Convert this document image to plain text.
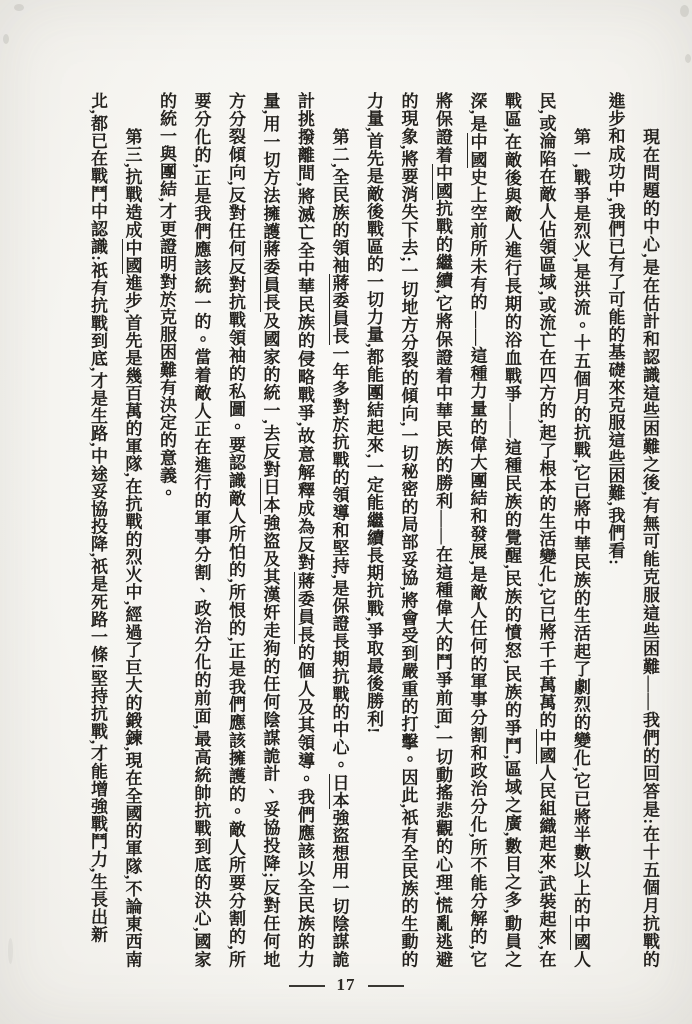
現在問題的中心,是在估計和認識這些困難之後,有無可能克服這些困難——我們的回答是:在十五個月抗戰的進步和成功中,我們已有了可能的基礎來克服這些困難,我們看:

第一,戰爭是烈火,是洪流。十五個月的抗戰,它已將中華民族的生活起了劇烈的變化,它已將半數以上的中國人民,或淪陷在敵人佔領區域,或流亡在四方的,起了根本的生活變化,它已將千千萬萬的中國人民組織起來,武裝起來,在戰區,在敵後與敵人進行長期的浴血戰爭——這種民族的覺醒,民族的憤怒,民族的爭鬥,區域之廣,數目之多,動員之深,是中國史上空前所未有的——這種力量的偉大團結和發展,是敵人任何的軍事分割和政治分化,所不能分解的,它將保證着中國抗戰的繼續,它將保證着中華民族的勝利——在這種偉大的鬥爭前面,一切動搖悲觀的心理,慌亂逃避的現象,將要消失下去;一切地方分裂的傾向,一切秘密的局部妥協,將會受到嚴重的打擊。因此,祇有全民族的生動的力量,首先是敵後戰區的一切力量,都能團結起來,一定能繼續長期抗戰,爭取最後勝利!

第二,全民族的領袖蔣委員長一年多對於抗戰的領導和堅持,是保證長期抗戰的中心。日本強盜想用一切陰謀詭計挑撥離間,將滅亡全中華民族的侵略戰爭,故意解釋成為反對蔣委員長的個人及其領導。我們應該以全民族的力量,用一切方法擁護蔣委員長及國家的統一,去反對日本強盜及其漢奸走狗的任何陰謀詭計、妥協投降;反對任何地方分裂傾向,反對任何反對抗戰領袖的私圖。要認識敵人所怕的,所恨的,正是我們應該擁護的。敵人所要分割的,所要分化的,正是我們應該統一的。當着敵人正在進行的軍事分割、政治分化的前面,最高統帥抗戰到底的決心,國家的統一與團結,才更證明對於克服困難有決定的意義。

第三,抗戰造成中國進步,首先是幾百萬的軍隊,在抗戰的烈火中,經過了巨大的鍛鍊,現在全國的軍隊,不論東西南北,都已在戰鬥中認識:祇有抗戰到底,才是生路,中途妥協投降,祇是死路一條!堅持抗戰,才能增強戰鬥力,生長出新

17
